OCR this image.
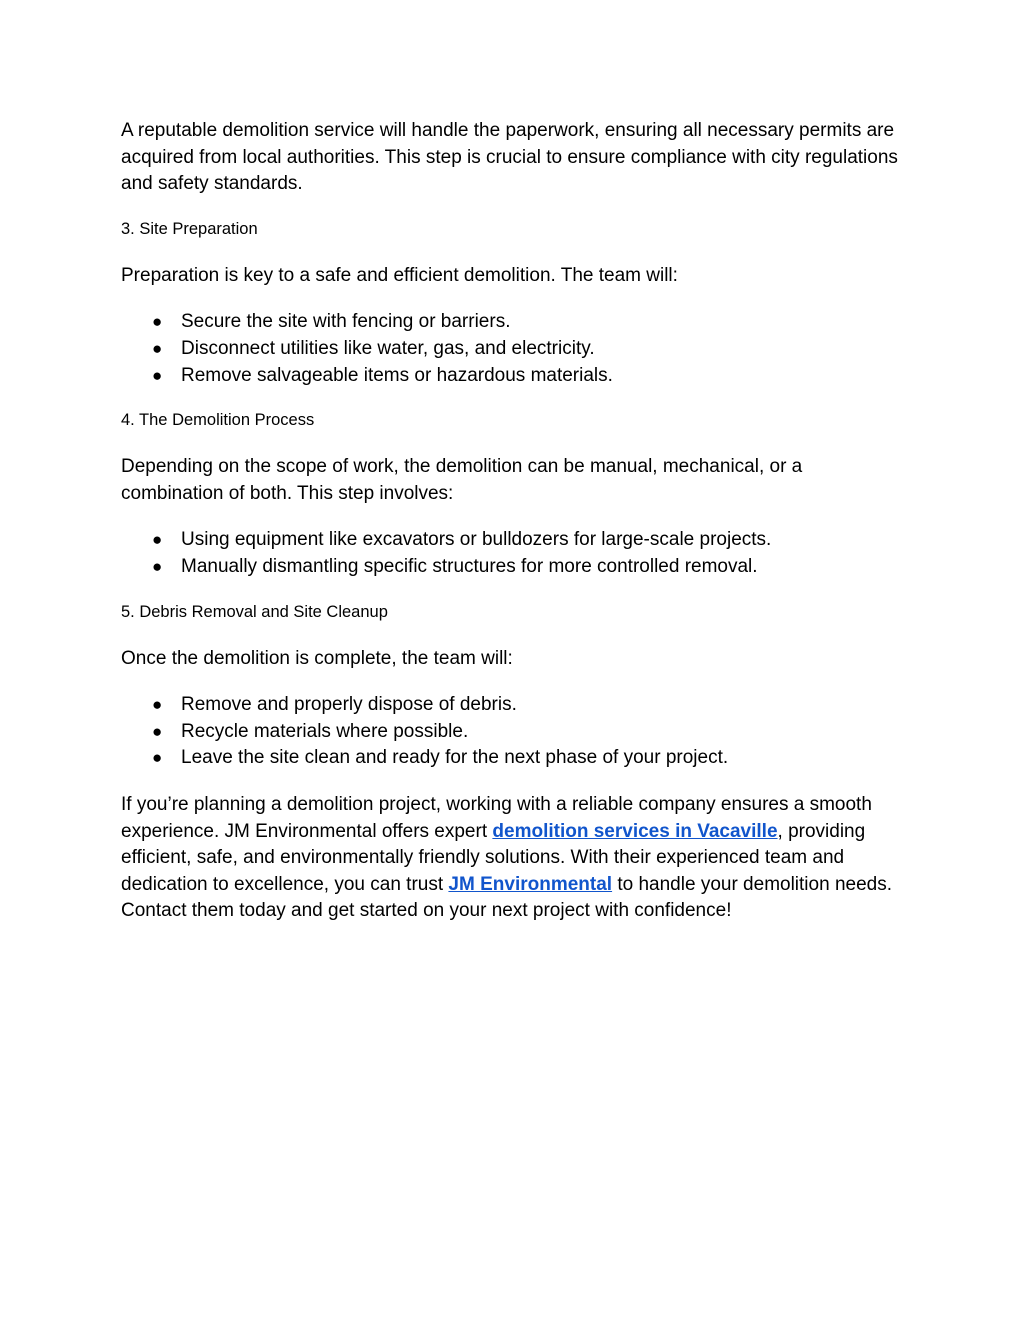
A reputable demolition service will handle the paperwork, ensuring all necessary permits are acquired from local authorities. This step is crucial to ensure compliance with city regulations and safety standards.

3. Site Preparation

Preparation is key to a safe and efficient demolition. The team will:

● Secure the site with fencing or barriers.
● Disconnect utilities like water, gas, and electricity.
● Remove salvageable items or hazardous materials.

4. The Demolition Process

Depending on the scope of work, the demolition can be manual, mechanical, or a combination of both. This step involves:

● Using equipment like excavators or bulldozers for large-scale projects.
● Manually dismantling specific structures for more controlled removal.

5. Debris Removal and Site Cleanup

Once the demolition is complete, the team will:

● Remove and properly dispose of debris.
● Recycle materials where possible.
● Leave the site clean and ready for the next phase of your project.

If you’re planning a demolition project, working with a reliable company ensures a smooth experience. JM Environmental offers expert demolition services in Vacaville, providing efficient, safe, and environmentally friendly solutions. With their experienced team and dedication to excellence, you can trust JM Environmental to handle your demolition needs. Contact them today and get started on your next project with confidence!
